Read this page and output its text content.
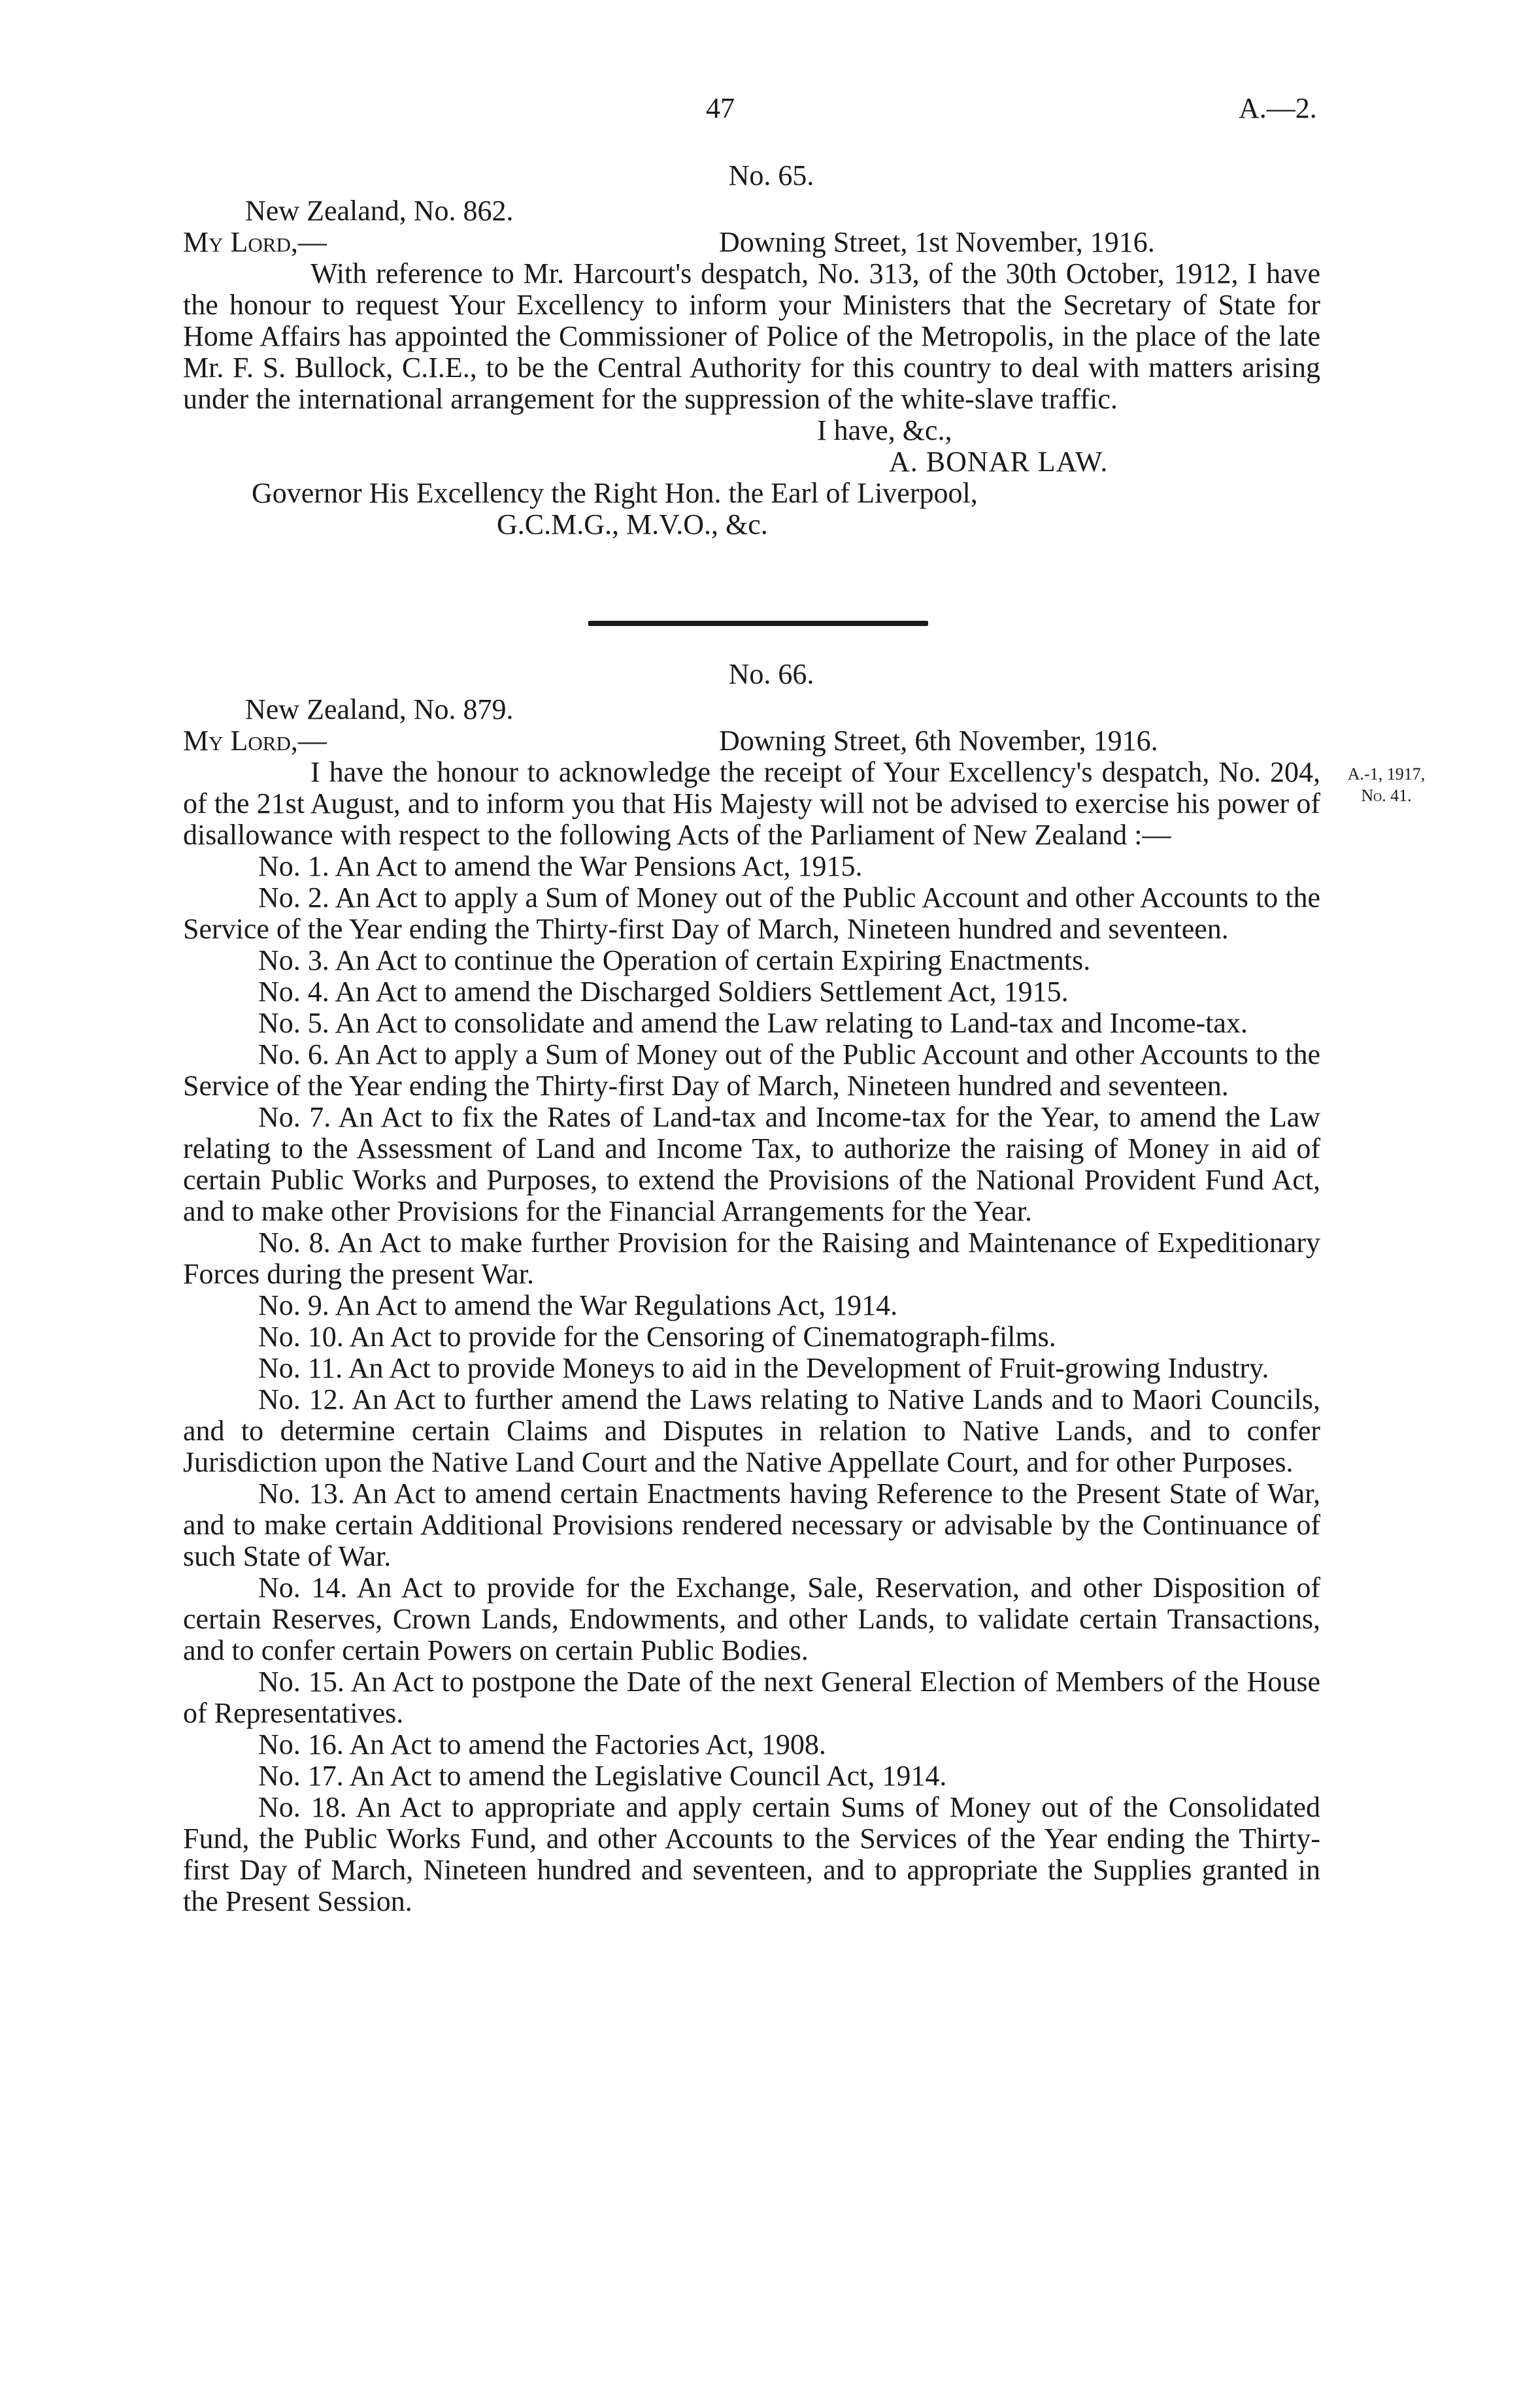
47	A.—2.
No. 65.
New Zealand, No. 862.
My Lord,—	Downing Street, 1st November, 1916.

With reference to Mr. Harcourt's despatch, No. 313, of the 30th October, 1912, I have the honour to request Your Excellency to inform your Ministers that the Secretary of State for Home Affairs has appointed the Commissioner of Police of the Metropolis, in the place of the late Mr. F. S. Bullock, C.I.E., to be the Central Authority for this country to deal with matters arising under the international arrangement for the suppression of the white-slave traffic.

I have, &c.,
A. BONAR LAW.
Governor His Excellency the Right Hon. the Earl of Liverpool,
G.C.M.G., M.V.O., &c.
No. 66.
New Zealand, No. 879.
My Lord,—	Downing Street, 6th November, 1916.

I have the honour to acknowledge the receipt of Your Excellency's despatch, No. 204, of the 21st August, and to inform you that His Majesty will not be advised to exercise his power of disallowance with respect to the following Acts of the Parliament of New Zealand :—

No. 1. An Act to amend the War Pensions Act, 1915.

No. 2. An Act to apply a Sum of Money out of the Public Account and other Accounts to the Service of the Year ending the Thirty-first Day of March, Nineteen hundred and seventeen.

No. 3. An Act to continue the Operation of certain Expiring Enactments.

No. 4. An Act to amend the Discharged Soldiers Settlement Act, 1915.

No. 5. An Act to consolidate and amend the Law relating to Land-tax and Income-tax.

No. 6. An Act to apply a Sum of Money out of the Public Account and other Accounts to the Service of the Year ending the Thirty-first Day of March, Nineteen hundred and seventeen.

No. 7. An Act to fix the Rates of Land-tax and Income-tax for the Year, to amend the Law relating to the Assessment of Land and Income Tax, to authorize the raising of Money in aid of certain Public Works and Purposes, to extend the Provisions of the National Provident Fund Act, and to make other Provisions for the Financial Arrangements for the Year.

No. 8. An Act to make further Provision for the Raising and Maintenance of Expeditionary Forces during the present War.

No. 9. An Act to amend the War Regulations Act, 1914.

No. 10. An Act to provide for the Censoring of Cinematograph-films.

No. 11. An Act to provide Moneys to aid in the Development of Fruit-growing Industry.

No. 12. An Act to further amend the Laws relating to Native Lands and to Maori Councils, and to determine certain Claims and Disputes in relation to Native Lands, and to confer Jurisdiction upon the Native Land Court and the Native Appellate Court, and for other Purposes.

No. 13. An Act to amend certain Enactments having Reference to the Present State of War, and to make certain Additional Provisions rendered necessary or advisable by the Continuance of such State of War.

No. 14. An Act to provide for the Exchange, Sale, Reservation, and other Disposition of certain Reserves, Crown Lands, Endowments, and other Lands, to validate certain Transactions, and to confer certain Powers on certain Public Bodies.

No. 15. An Act to postpone the Date of the next General Election of Members of the House of Representatives.

No. 16. An Act to amend the Factories Act, 1908.

No. 17. An Act to amend the Legislative Council Act, 1914.

No. 18. An Act to appropriate and apply certain Sums of Money out of the Consolidated Fund, the Public Works Fund, and other Accounts to the Services of the Year ending the Thirty-first Day of March, Nineteen hundred and seventeen, and to appropriate the Supplies granted in the Present Session.

A.-1, 1917,
No. 41.
